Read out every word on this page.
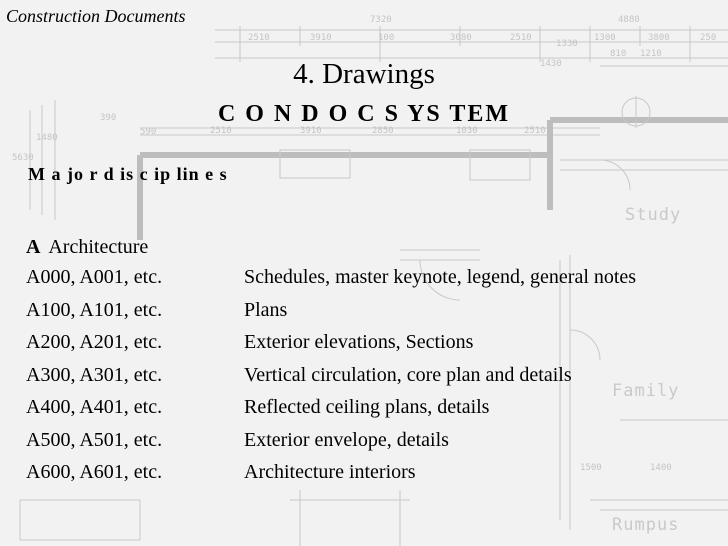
7320	4880
2510	3910	100	3080	2510
1330
1300	3800	250
810
1430
2510	3910	2850	1030	2510
1480
5630
390
1500	1400
590
1210
Study
Family
Rumpus
Construction Documents
4. Drawings
C O N D O C S YS TEM
M a jo r d is c ip lin e s
A Architecture
A000, A001, etc.	Schedules, master keynote, legend, general notes
A100, A101, etc.	Plans
A200, A201, etc.	Exterior elevations, Sections
A300, A301, etc.	Vertical circulation, core plan and details
A400, A401, etc.	Reflected ceiling plans, details
A500, A501, etc.	Exterior envelope, details
A600, A601, etc.	Architecture interiors
